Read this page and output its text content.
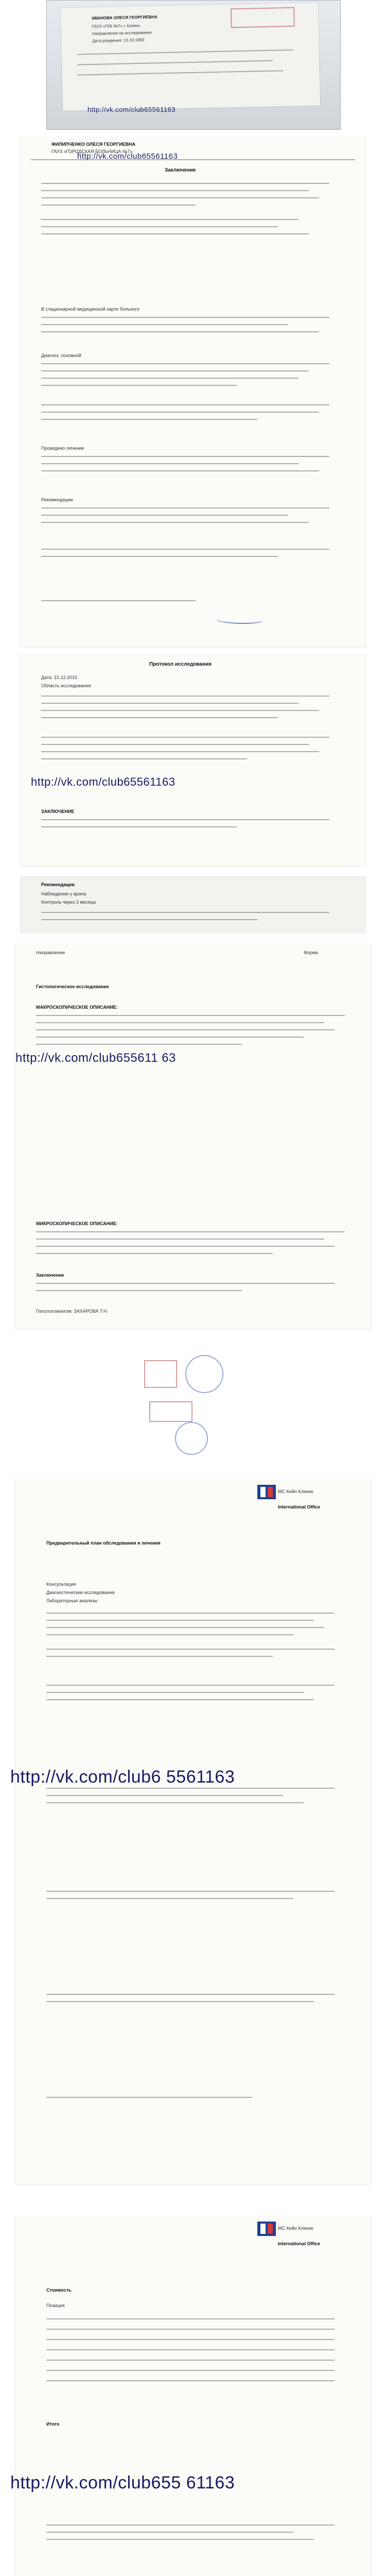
ИВАНОВА ОЛЕСЯ ГЕОРГИЕВНА
ГАУЗ «ГКБ №7» г. Казань
Направление на исследование
Дата рождения: 13.10.1993
http://vk.com/club65561163
ФИЛИПЧЕНКО ОЛЕСЯ ГЕОРГИЕВНА
ГАУЗ «ГОРОДСКАЯ БОЛЬНИЦА №7»
Заключение
В стационарной медицинской карте больного
Диагноз: основной
Проведено лечение
Рекомендации
http://vk.com/club65561163
Протокол исследования
Дата: 15.12.2015
Область исследования
ЗАКЛЮЧЕНИЕ
http://vk.com/club65561163
Рекомендации
Наблюдение у врача
Контроль через 3 месяца
Направление	Форма
Гистологическое исследование
МАКРОСКОПИЧЕСКОЕ ОПИСАНИЕ:
МИКРОСКОПИЧЕСКОЕ ОПИСАНИЕ:
Заключение
Патологоанатом: ЗАХАРОВА Т.Н.
http://vk.com/club655611 63
МС Кейн Клиник
International Office
Предварительный план обследования и лечения
Консультация
Диагностические исследования
Лабораторные анализы
http://vk.com/club6 5561163
МС Кейн Клиник
International Office
Стоимость
Позиция
Итого
http://vk.com/club655 61163
